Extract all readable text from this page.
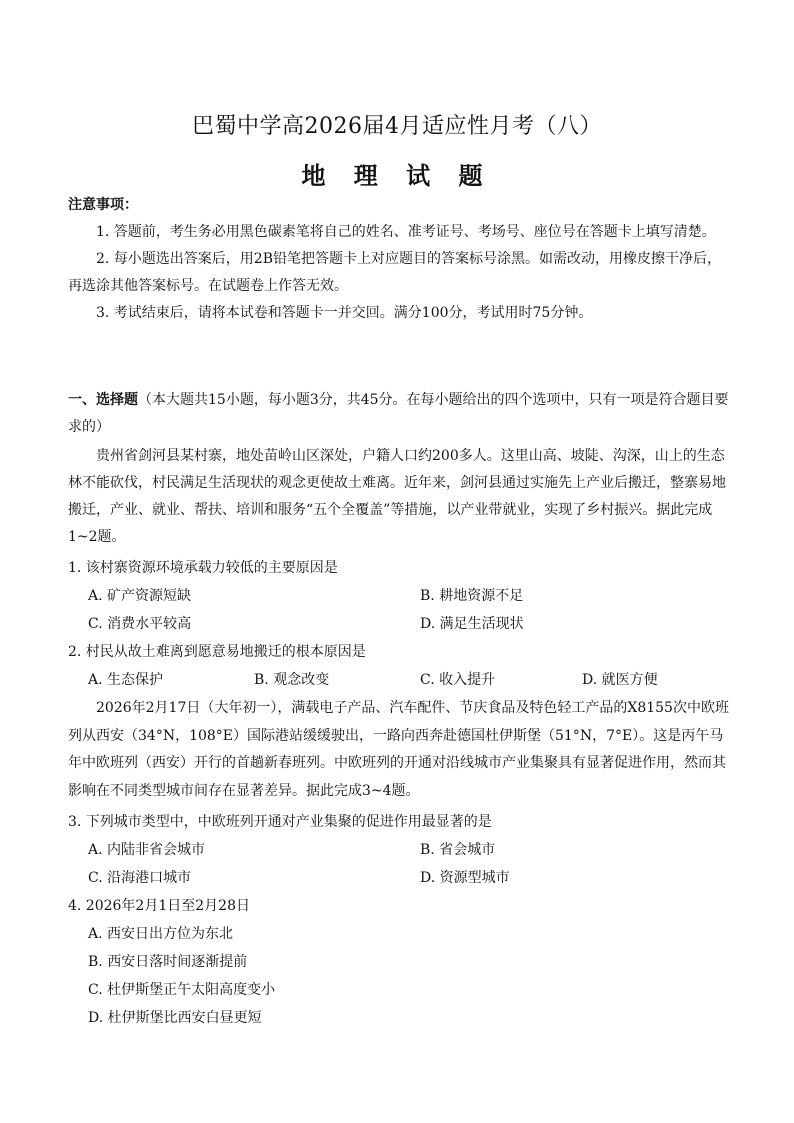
巴蜀中学高2026届4月适应性月考（八）
地 理 试 题
注意事项：

1. 答题前，考生务必用黑色碳素笔将自己的姓名、准考证号、考场号、座位号在答题卡上填写清楚。

2. 每小题选出答案后，用2B铅笔把答题卡上对应题目的答案标号涂黑。如需改动，用橡皮擦干净后，再选涂其他答案标号。在试题卷上作答无效。

3. 考试结束后，请将本试卷和答题卡一并交回。满分100分，考试用时75分钟。

一、选择题（本大题共15小题，每小题3分，共45分。在每小题给出的四个选项中，只有一项是符合题目要求的）

贵州省剑河县某村寨，地处苗岭山区深处，户籍人口约200多人。这里山高、坡陡、沟深，山上的生态林不能砍伐，村民满足生活现状的观念更使故土难离。近年来，剑河县通过实施先上产业后搬迁，整寨易地搬迁，产业、就业、帮扶、培训和服务“五个全覆盖”等措施，以产业带就业，实现了乡村振兴。据此完成1~2题。

1. 该村寨资源环境承载力较低的主要原因是
A. 矿产资源短缺	B. 耕地资源不足
C. 消费水平较高	D. 满足生活现状
2. 村民从故土难离到愿意易地搬迁的根本原因是
A. 生态保护	B. 观念改变	C. 收入提升	D. 就医方便

2026年2月17日（大年初一），满载电子产品、汽车配件、节庆食品及特色轻工产品的X8155次中欧班列从西安（34°N，108°E）国际港站缓缓驶出，一路向西奔赴德国杜伊斯堡（51°N，7°E）。这是丙午马年中欧班列（西安）开行的首趟新春班列。中欧班列的开通对沿线城市产业集聚具有显著促进作用，然而其影响在不同类型城市间存在显著差异。据此完成3~4题。

3. 下列城市类型中，中欧班列开通对产业集聚的促进作用最显著的是
A. 内陆非省会城市	B. 省会城市
C. 沿海港口城市	D. 资源型城市
4. 2026年2月1日至2月28日
A. 西安日出方位为东北
B. 西安日落时间逐渐提前
C. 杜伊斯堡正午太阳高度变小
D. 杜伊斯堡比西安白昼更短
